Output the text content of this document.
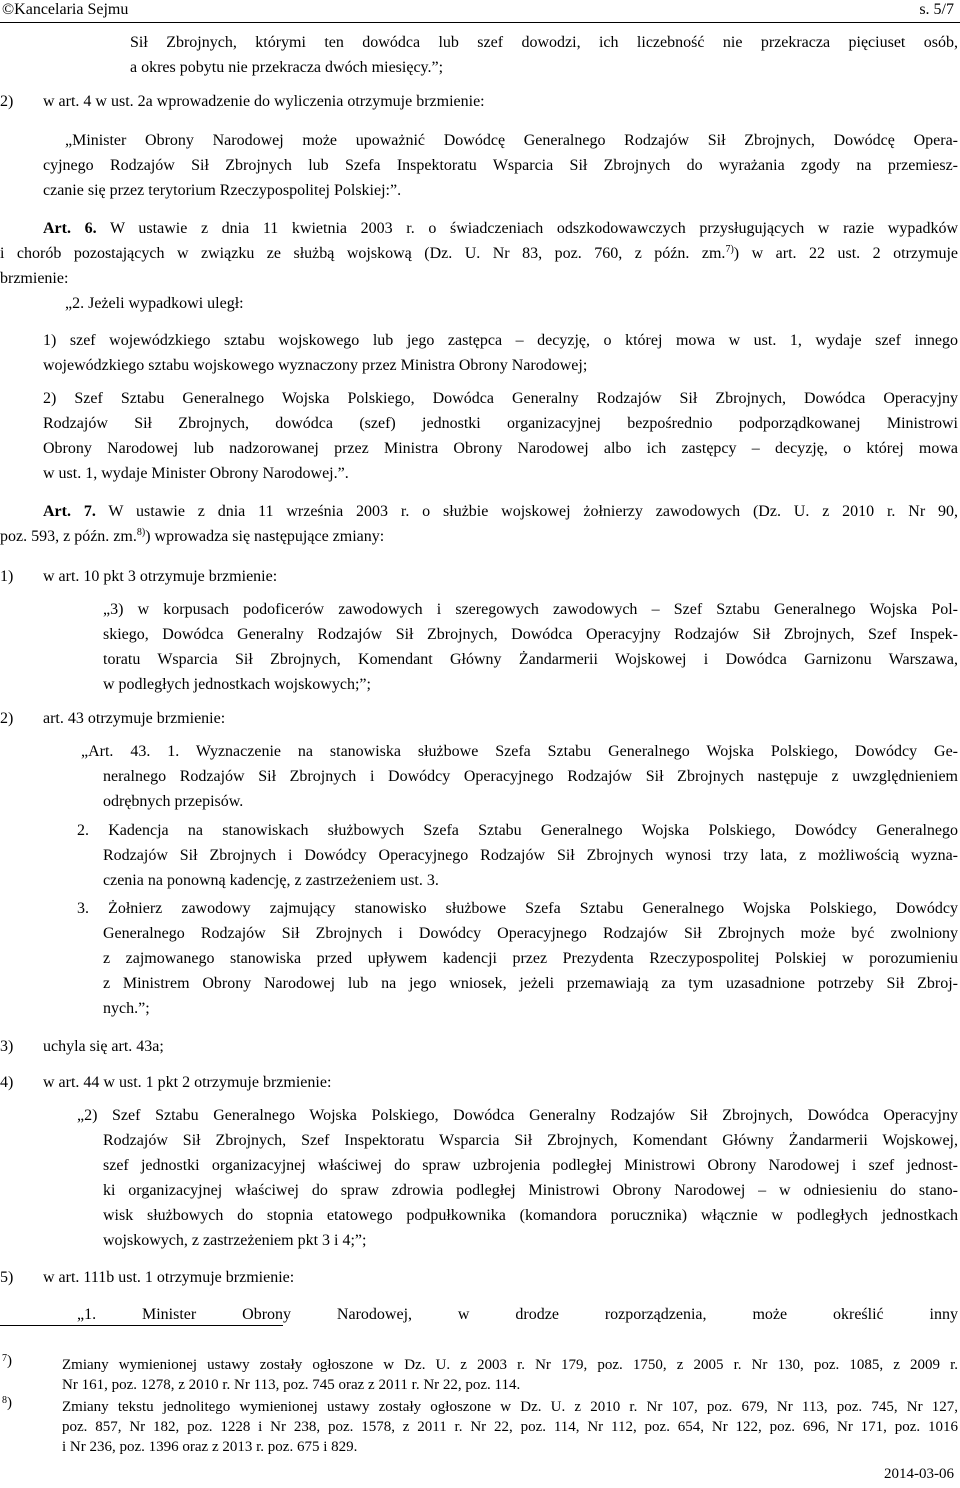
©Kancelaria Sejmu	s. 5/7
Sił Zbrojnych, którymi ten dowódca lub szef dowodzi, ich liczebność nie przekracza pięciuset osób,
a okres pobytu nie przekracza dwóch miesięcy.”;
2) w art. 4 w ust. 2a wprowadzenie do wyliczenia otrzymuje brzmienie:
„Minister Obrony Narodowej może upoważnić Dowódcę Generalnego Rodzajów Sił Zbrojnych, Dowódcę Opera-
cyjnego Rodzajów Sił Zbrojnych lub Szefa Inspektoratu Wsparcia Sił Zbrojnych do wyrażania zgody na przemiesz-
czanie się przez terytorium Rzeczypospolitej Polskiej:”.
Art. 6. W ustawie z dnia 11 kwietnia 2003 r. o świadczeniach odszkodowawczych przysługujących w razie wypadków
i chorób pozostających w związku ze służbą wojskową (Dz. U. Nr 83, poz. 760, z późn. zm.$^{7)}$) w art. 22 ust. 2 otrzymuje
brzmienie:
„2. Jeżeli wypadkowi uległ:
1) szef wojewódzkiego sztabu wojskowego lub jego zastępca – decyzję, o której mowa w ust. 1, wydaje szef innego
wojewódzkiego sztabu wojskowego wyznaczony przez Ministra Obrony Narodowej;
2) Szef Sztabu Generalnego Wojska Polskiego, Dowódca Generalny Rodzajów Sił Zbrojnych, Dowódca Operacyjny
Rodzajów Sił Zbrojnych, dowódca (szef) jednostki organizacyjnej bezpośrednio podporządkowanej Ministrowi
Obrony Narodowej lub nadzorowanej przez Ministra Obrony Narodowej albo ich zastępcy – decyzję, o której mowa
w ust. 1, wydaje Minister Obrony Narodowej.”.
Art. 7. W ustawie z dnia 11 września 2003 r. o służbie wojskowej żołnierzy zawodowych (Dz. U. z 2010 r. Nr 90,
poz. 593, z późn. zm.$^{8)}$) wprowadza się następujące zmiany:
1) w art. 10 pkt 3 otrzymuje brzmienie:
„3) w korpusach podoficerów zawodowych i szeregowych zawodowych – Szef Sztabu Generalnego Wojska Pol-
skiego, Dowódca Generalny Rodzajów Sił Zbrojnych, Dowódca Operacyjny Rodzajów Sił Zbrojnych, Szef Inspek-
toratu Wsparcia Sił Zbrojnych, Komendant Główny Żandarmerii Wojskowej i Dowódca Garnizonu Warszawa,
w podległych jednostkach wojskowych;”;
2) art. 43 otrzymuje brzmienie:
„Art. 43. 1. Wyznaczenie na stanowiska służbowe Szefa Sztabu Generalnego Wojska Polskiego, Dowódcy Ge-
neralnego Rodzajów Sił Zbrojnych i Dowódcy Operacyjnego Rodzajów Sił Zbrojnych następuje z uwzględnieniem
odrębnych przepisów.
2. Kadencja na stanowiskach służbowych Szefa Sztabu Generalnego Wojska Polskiego, Dowódcy Generalnego
Rodzajów Sił Zbrojnych i Dowódcy Operacyjnego Rodzajów Sił Zbrojnych wynosi trzy lata, z możliwością wyzna-
czenia na ponowną kadencję, z zastrzeżeniem ust. 3.
3. Żołnierz zawodowy zajmujący stanowisko służbowe Szefa Sztabu Generalnego Wojska Polskiego, Dowódcy
Generalnego Rodzajów Sił Zbrojnych i Dowódcy Operacyjnego Rodzajów Sił Zbrojnych może być zwolniony
z zajmowanego stanowiska przed upływem kadencji przez Prezydenta Rzeczypospolitej Polskiej w porozumieniu
z Ministrem Obrony Narodowej lub na jego wniosek, jeżeli przemawiają za tym uzasadnione potrzeby Sił Zbroj-
nych.”;
3) uchyla się art. 43a;
4) w art. 44 w ust. 1 pkt 2 otrzymuje brzmienie:
„2) Szef Sztabu Generalnego Wojska Polskiego, Dowódca Generalny Rodzajów Sił Zbrojnych, Dowódca Operacyjny
Rodzajów Sił Zbrojnych, Szef Inspektoratu Wsparcia Sił Zbrojnych, Komendant Główny Żandarmerii Wojskowej,
szef jednostki organizacyjnej właściwej do spraw uzbrojenia podległej Ministrowi Obrony Narodowej i szef jednost-
ki organizacyjnej właściwej do spraw zdrowia podległej Ministrowi Obrony Narodowej – w odniesieniu do stano-
wisk służbowych do stopnia etatowego podpułkownika (komandora porucznika) włącznie w podległych jednostkach
wojskowych, z zastrzeżeniem pkt 3 i 4;”;
5) w art. 111b ust. 1 otrzymuje brzmienie:
„1. Minister Obrony Narodowej, w drodze rozporządzenia, może określić inny
$^7$)	Zmiany wymienionej ustawy zostały ogłoszone w Dz. U. z 2003 r. Nr 179, poz. 1750, z 2005 r. Nr 130, poz. 1085, z 2009 r.
Nr 161, poz. 1278, z 2010 r. Nr 113, poz. 745 oraz z 2011 r. Nr 22, poz. 114.
$^8$)	Zmiany tekstu jednolitego wymienionej ustawy zostały ogłoszone w Dz. U. z 2010 r. Nr 107, poz. 679, Nr 113, poz. 745, Nr 127,
poz. 857, Nr 182, poz. 1228 i Nr 238, poz. 1578, z 2011 r. Nr 22, poz. 114, Nr 112, poz. 654, Nr 122, poz. 696, Nr 171, poz. 1016
i Nr 236, poz. 1396 oraz z 2013 r. poz. 675 i 829.
2014-03-06
